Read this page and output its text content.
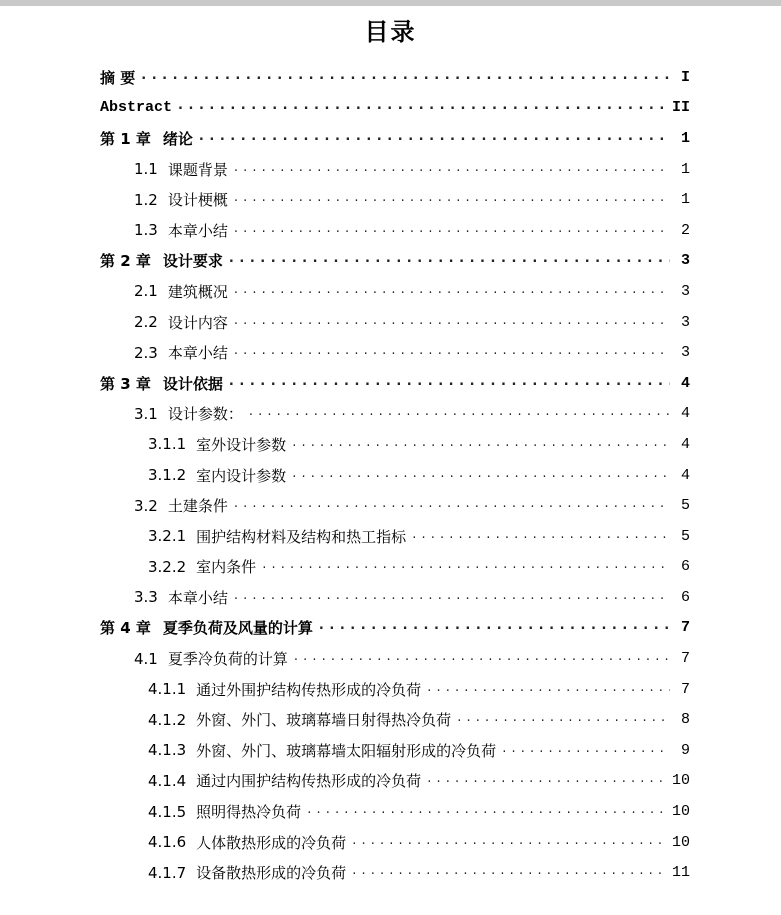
目录
摘 要 . . .	I
Abstract . . .	II
第 1 章 绪论 . . .	1
1.1 课题背景 . . .	1
1.2 设计梗概 . . .	1
1.3 本章小结 . . .	2
第 2 章 设计要求 . . .	3
2.1 建筑概况 . . .	3
2.2 设计内容 . . .	3
2.3 本章小结 . . .	3
第 3 章 设计依据 . . .	4
3.1 设计参数： . . .	4
3.1.1 室外设计参数 . . .	4
3.1.2 室内设计参数 . . .	4
3.2 土建条件 . . .	5
3.2.1 围护结构材料及结构和热工指标 . . .	5
3.2.2 室内条件 . . .	6
3.3 本章小结 . . .	6
第 4 章 夏季负荷及风量的计算 . . .	7
4.1 夏季冷负荷的计算 . . .	7
4.1.1 通过外围护结构传热形成的冷负荷 . . .	7
4.1.2 外窗、外门、玻璃幕墙日射得热冷负荷 . . .	8
4.1.3 外窗、外门、玻璃幕墙太阳辐射形成的冷负荷 . . .	9
4.1.4 通过内围护结构传热形成的冷负荷 . . .	10
4.1.5 照明得热冷负荷 . . .	10
4.1.6 人体散热形成的冷负荷 . . .	10
4.1.7 设备散热形成的冷负荷 . . .	11
